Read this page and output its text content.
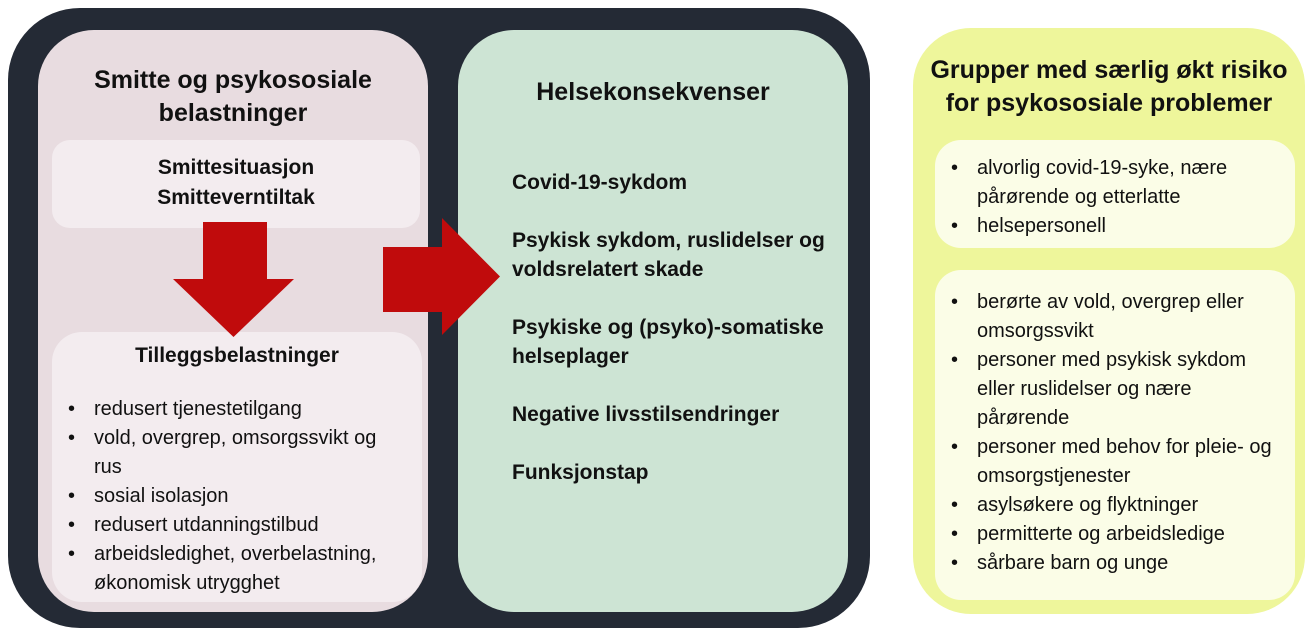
Smitte og psykososiale belastninger
Smittesituasjon
Smitteverntiltak

Tilleggsbelastninger

• redusert tjenestetilgang
• vold, overgrep, omsorgssvikt og rus
• sosial isolasjon
• redusert utdanningstilbud
• arbeidsledighet, overbelastning, økonomisk utrygghet
Helsekonsekvenser

Covid-19-sykdom

Psykisk sykdom, ruslidelser og voldsrelatert skade

Psykiske og (psyko)-somatiske helseplager

Negative livsstilsendringer

Funksjonstap

Grupper med særlig økt risiko for psykososiale problemer
• alvorlig covid-19-syke, nære pårørende og etterlatte
• helsepersonell
• berørte av vold, overgrep eller omsorgssvikt
• personer med psykisk sykdom eller ruslidelser og nære pårørende
• personer med behov for pleie- og omsorgstjenester
• asylsøkere og flyktninger
• permitterte og arbeidsledige
• sårbare barn og unge
